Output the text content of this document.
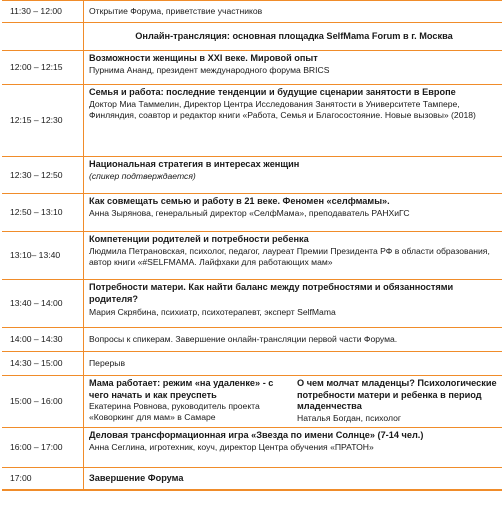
11:30 – 12:00	Открытие Форума, приветствие участников
	Онлайн-трансляция: основная площадка SelfMama Forum в г. Москва
12:00 – 12:15	Возможности женщины в XXI веке. Мировой опыт
Пурнима Ананд, президент международного форума BRICS

12:15 – 12:30	Семья и работа: последние тенденции и будущие сценарии занятости в Европе
Доктор Миа Таммелин, Директор Центра Исследования Занятости в Университете Тампере, Финляндия, соавтор и редактор книги «Работа, Семья и Благосостояние. Новые вызовы» (2018)

12:30 – 12:50	Национальная стратегия в интересах женщин
(спикер подтверждается)

12:50 – 13:10	Как совмещать семью и работу в 21 веке. Феномен «селфмамы».
Анна Зырянова, генеральный директор «СелфМама», преподаватель РАНХиГС

13:10– 13:40	Компетенции родителей и потребности ребенка
Людмила Петрановская, психолог, педагог, лауреат Премии Президента РФ в области образования, автор книги «#SELFMAMA. Лайфхаки для работающих мам»

13:40 – 14:00	Потребности матери. Как найти баланс между потребностями и обязанностями родителя?
Мария Скрябина, психиатр, психотерапевт, эксперт SelfMama

14:00 – 14:30	Вопросы к спикерам. Завершение онлайн-трансляции первой части Форума.
14:30 – 15:00	Перерыв
15:00 – 16:00	Мама работает: режим «на удаленке» - с чего начать и как преуспеть
Екатерина Ровнова, руководитель проекта «Коворкинг для мам» в Самаре
О чем молчат младенцы? Психологические потребности матери и ребенка в период младенчества
Наталья Богдан, психолог

16:00 – 17:00	Деловая трансформационная игра «Звезда по имени Солнце» (7-14 чел.)
Анна Сеглина, игротехник, коуч, директор Центра обучения «ПРАТОН»

17:00	Завершение Форума
